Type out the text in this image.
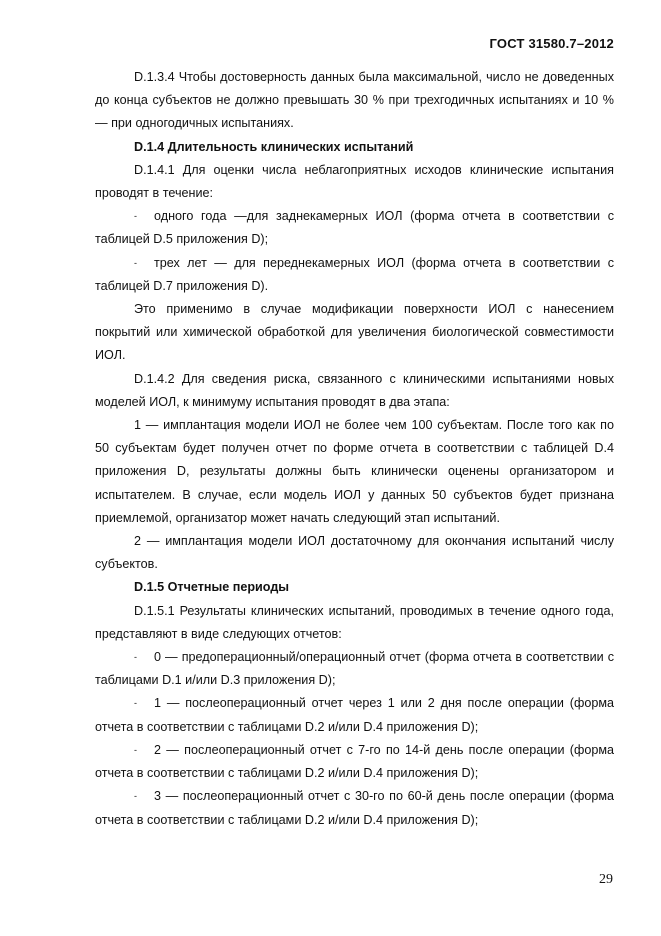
ГОСТ 31580.7–2012

D.1.3.4 Чтобы достоверность данных была максимальной, число не доведенных до конца субъектов не должно превышать 30 % при трехгодичных испытаниях и 10 % — при одногодичных испытаниях.

D.1.4 Длительность клинических испытаний

D.1.4.1 Для оценки числа неблагоприятных исходов клинические испытания проводят в течение:

- одного года —для заднекамерных ИОЛ (форма отчета в соответствии с таблицей D.5 приложения D);

- трех лет — для переднекамерных ИОЛ (форма отчета в соответствии с таблицей D.7 приложения D).

Это применимо в случае модификации поверхности ИОЛ с нанесением покрытий или химической обработкой для увеличения биологической совместимости ИОЛ.

D.1.4.2 Для сведения риска, связанного с клиническими испытаниями новых моделей ИОЛ, к минимуму испытания проводят в два этапа:

1 — имплантация модели ИОЛ не более чем 100 субъектам. После того как по 50 субъектам будет получен отчет по форме отчета в соответствии с таблицей D.4 приложения D, результаты должны быть клинически оценены организатором и испытателем. В случае, если модель ИОЛ у данных 50 субъектов будет признана приемлемой, организатор может начать следующий этап испытаний.

2 — имплантация модели ИОЛ достаточному для окончания испытаний числу субъектов.

D.1.5 Отчетные периоды

D.1.5.1 Результаты клинических испытаний, проводимых в течение одного года, представляют в виде следующих отчетов:

- 0 — предоперационный/операционный отчет (форма отчета в соответствии с таблицами D.1 и/или D.3 приложения D);

- 1 — послеоперационный отчет через 1 или 2 дня после операции (форма отчета в соответствии с таблицами D.2 и/или D.4 приложения D);

- 2 — послеоперационный отчет с 7-го по 14-й день после операции (форма отчета в соответствии с таблицами D.2 и/или D.4 приложения D);

- 3 — послеоперационный отчет с 30-го по 60-й день после операции (форма отчета в соответствии с таблицами D.2 и/или D.4 приложения D);

29
